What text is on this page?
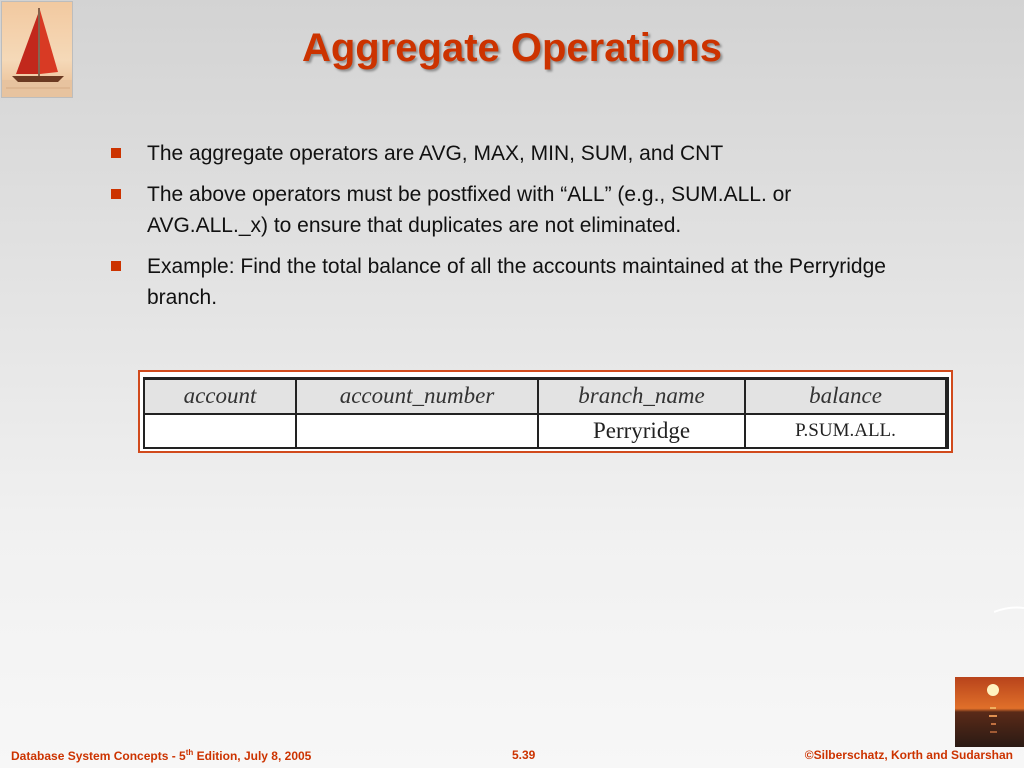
Aggregate Operations
The aggregate operators are AVG, MAX, MIN, SUM, and CNT
The above operators must be postfixed with “ALL” (e.g., SUM.ALL. or AVG.ALL._x) to ensure that duplicates are not eliminated.
Example: Find the total balance of all the accounts maintained at the Perryridge branch.
account	account_number	branch_name	balance
		Perryridge	P.SUM.ALL.
Database System Concepts - 5th Edition, July 8, 2005	5.39	©Silberschatz, Korth and Sudarshan
